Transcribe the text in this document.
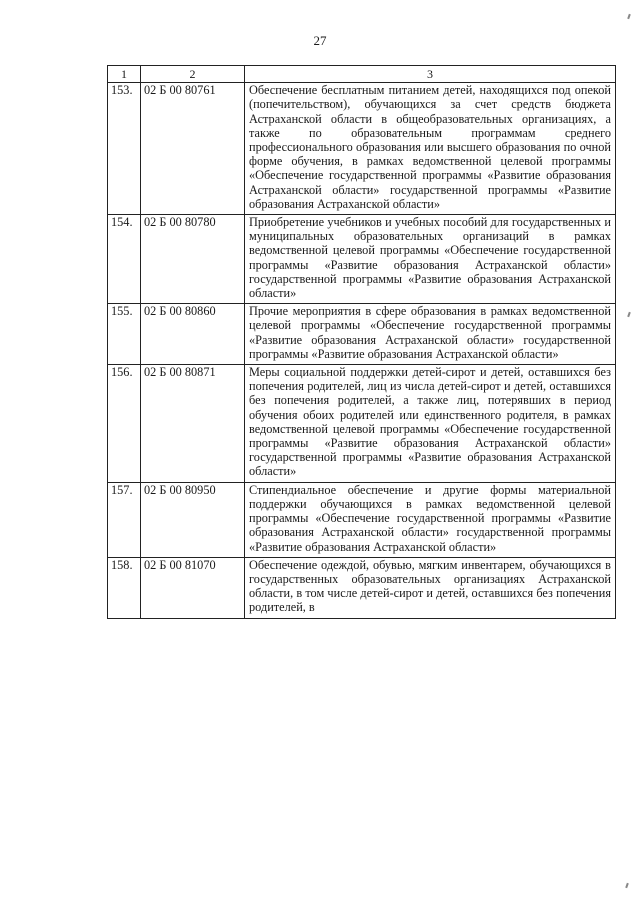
27
1	2	3
153.	02 Б 00 80761	Обеспечение бесплатным питанием детей, находящихся под опекой (попечительством), обучающихся за счет средств бюджета Астраханской области в общеобразовательных организациях, а также по образовательным программам среднего профессионального образования или высшего образования по очной форме обучения, в рамках ведомственной целевой программы «Обеспечение государственной программы «Развитие образования Астраханской области» государственной программы «Развитие образования Астраханской области»
154.	02 Б 00 80780	Приобретение учебников и учебных пособий для государственных и муниципальных образовательных организаций в рамках ведомственной целевой программы «Обеспечение государственной программы «Развитие образования Астраханской области» государственной программы «Развитие образования Астраханской области»
155.	02 Б 00 80860	Прочие мероприятия в сфере образования в рамках ведомственной целевой программы «Обеспечение государственной программы «Развитие образования Астраханской области» государственной программы «Развитие образования Астраханской области»
156.	02 Б 00 80871	Меры социальной поддержки детей-сирот и детей, оставшихся без попечения родителей, лиц из числа детей-сирот и детей, оставшихся без попечения родителей, а также лиц, потерявших в период обучения обоих родителей или единственного родителя, в рамках ведомственной целевой программы «Обеспечение государственной программы «Развитие образования Астраханской области» государственной программы «Развитие образования Астраханской области»
157.	02 Б 00 80950	Стипендиальное обеспечение и другие формы материальной поддержки обучающихся в рамках ведомственной целевой программы «Обеспечение государственной программы «Развитие образования Астраханской области» государственной программы «Развитие образования Астраханской области»
158.	02 Б 00 81070	Обеспечение одеждой, обувью, мягким инвентарем, обучающихся в государственных образовательных организациях Астраханской области, в том числе детей-сирот и детей, оставшихся без попечения родителей, в
